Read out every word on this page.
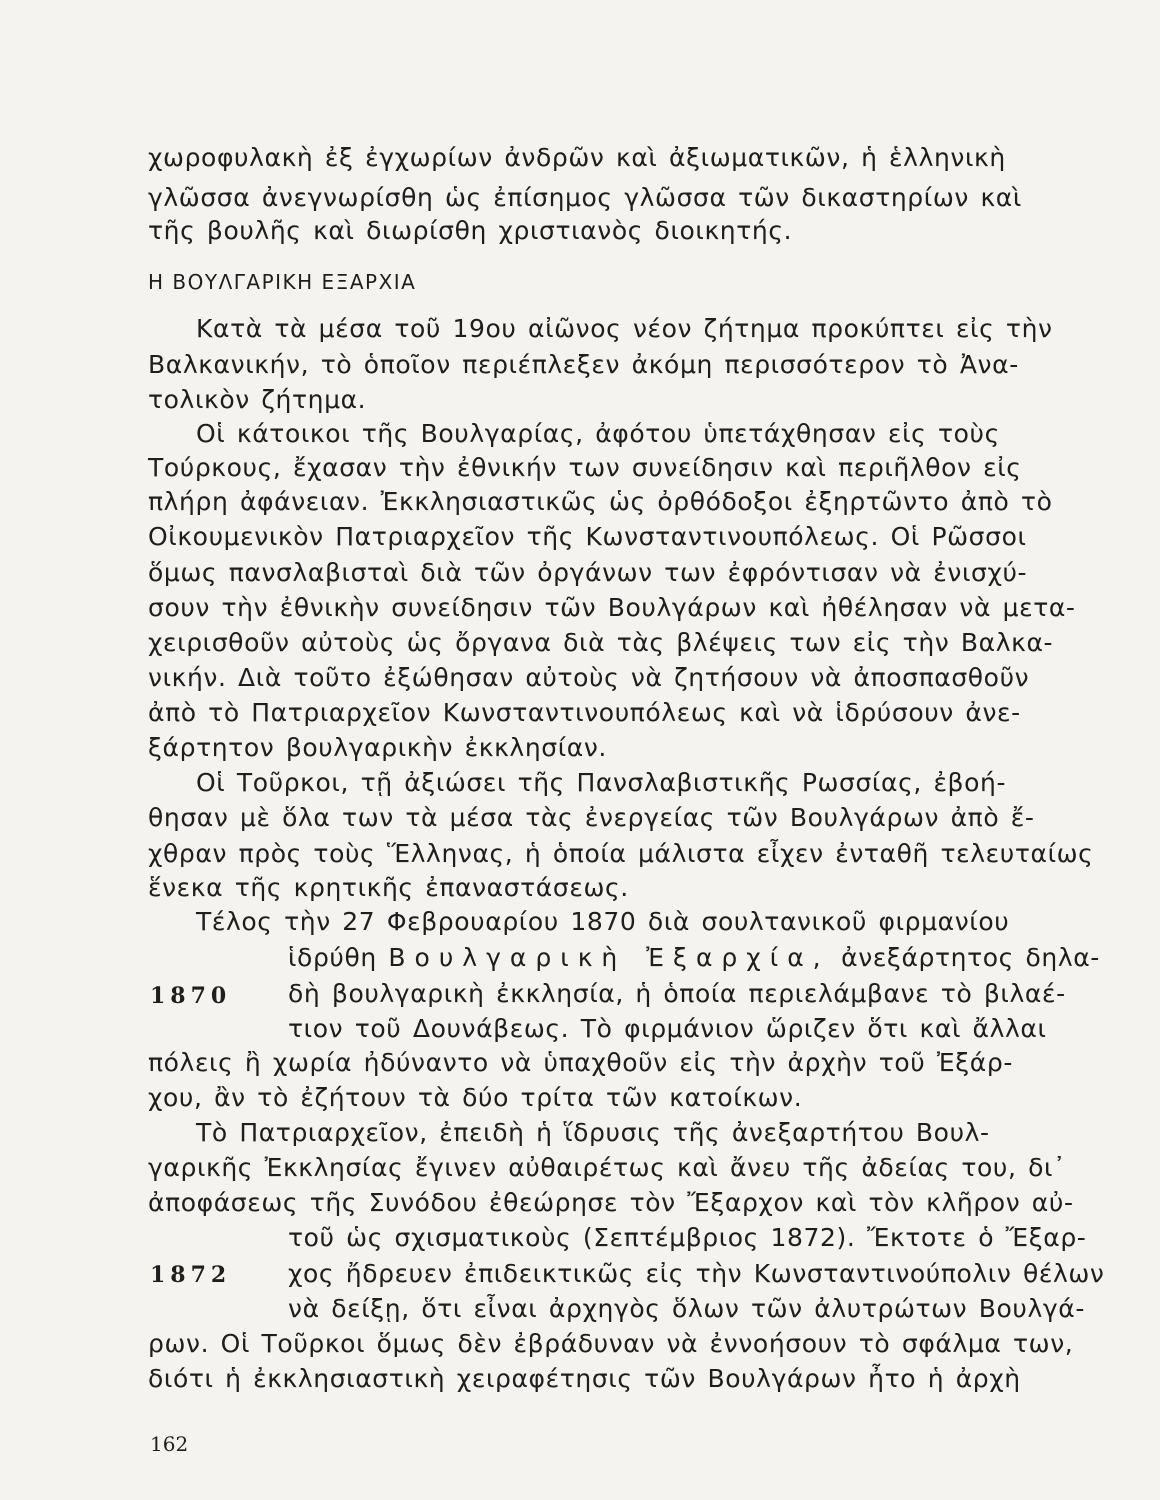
χωροφυλακὴ ἐξ ἐγχωρίων ἀνδρῶν καὶ ἀξιωματικῶν, ἡ ἑλληνικὴ
γλῶσσα ἀνεγνωρίσθη ὡς ἐπίσημος γλῶσσα τῶν δικαστηρίων καὶ
τῆς βουλῆς καὶ διωρίσθη χριστιανὸς διοικητής.
Η ΒΟΥΛΓΑΡΙΚΗ ΕΞΑΡΧΙΑ
Κατὰ τὰ μέσα τοῦ 19ου αἰῶνος νέον ζήτημα προκύπτει εἰς τὴν
Βαλκανικήν, τὸ ὁποῖον περιέπλεξεν ἀκόμη περισσότερον τὸ Ἀνα-
τολικὸν ζήτημα.
Οἱ κάτοικοι τῆς Βουλγαρίας, ἀφότου ὑπετάχθησαν εἰς τοὺς
Τούρκους, ἔχασαν τὴν ἐθνικήν των συνείδησιν καὶ περιῆλθον εἰς
πλήρη ἀφάνειαν. Ἐκκλησιαστικῶς ὡς ὀρθόδοξοι ἐξηρτῶντο ἀπὸ τὸ
Οἰκουμενικὸν Πατριαρχεῖον τῆς Κωνσταντινουπόλεως. Οἱ Ρῶσσοι
ὅμως πανσλαβισταὶ διὰ τῶν ὀργάνων των ἐφρόντισαν νὰ ἐνισχύ-
σουν τὴν ἐθνικὴν συνείδησιν τῶν Βουλγάρων καὶ ἠθέλησαν νὰ μετα-
χειρισθοῦν αὐτοὺς ὡς ὄργανα διὰ τὰς βλέψεις των εἰς τὴν Βαλκα-
νικήν. Διὰ τοῦτο ἐξώθησαν αὐτοὺς νὰ ζητήσουν νὰ ἀποσπασθοῦν
ἀπὸ τὸ Πατριαρχεῖον Κωνσταντινουπόλεως καὶ νὰ ἱδρύσουν ἀνε-
ξάρτητον βουλγαρικὴν ἐκκλησίαν.
Οἱ Τοῦρκοι, τῇ ἀξιώσει τῆς Πανσλαβιστικῆς Ρωσσίας, ἐβοή-
θησαν μὲ ὅλα των τὰ μέσα τὰς ἐνεργείας τῶν Βουλγάρων ἀπὸ ἔ-
χθραν πρὸς τοὺς Ἕλληνας, ἡ ὁποία μάλιστα εἶχεν ἐνταθῆ τελευταίως
ἕνεκα τῆς κρητικῆς ἐπαναστάσεως.
Τέλος τὴν 27 Φεβρουαρίου 1870 διὰ σουλτανικοῦ φιρμανίου
ἱδρύθη Βουλγαρικὴ Ἐξαρχία, ἀνεξάρτητος δηλα-
1870 δὴ βουλγαρικὴ ἐκκλησία, ἡ ὁποία περιελάμβανε τὸ βιλαέ-
τιον τοῦ Δουνάβεως. Τὸ φιρμάνιον ὥριζεν ὅτι καὶ ἄλλαι
πόλεις ἢ χωρία ἠδύναντο νὰ ὑπαχθοῦν εἰς τὴν ἀρχὴν τοῦ Ἐξάρ-
χου, ἂν τὸ ἐζήτουν τὰ δύο τρίτα τῶν κατοίκων.
Τὸ Πατριαρχεῖον, ἐπειδὴ ἡ ἵδρυσις τῆς ἀνεξαρτήτου Βουλ-
γαρικῆς Ἐκκλησίας ἔγινεν αὐθαιρέτως καὶ ἄνευ τῆς ἀδείας του, δι᾿
ἀποφάσεως τῆς Συνόδου ἐθεώρησε τὸν Ἔξαρχον καὶ τὸν κλῆρον αὐ-
τοῦ ὡς σχισματικοὺς (Σεπτέμβριος 1872). Ἔκτοτε ὁ Ἔξαρ-
1872 χος ἤδρευεν ἐπιδεικτικῶς εἰς τὴν Κωνσταντινούπολιν θέλων
νὰ δείξῃ, ὅτι εἶναι ἀρχηγὸς ὅλων τῶν ἀλυτρώτων Βουλγά-
ρων. Οἱ Τοῦρκοι ὅμως δὲν ἐβράδυναν νὰ ἐννοήσουν τὸ σφάλμα των,
διότι ἡ ἐκκλησιαστικὴ χειραφέτησις τῶν Βουλγάρων ἦτο ἡ ἀρχὴ
162
